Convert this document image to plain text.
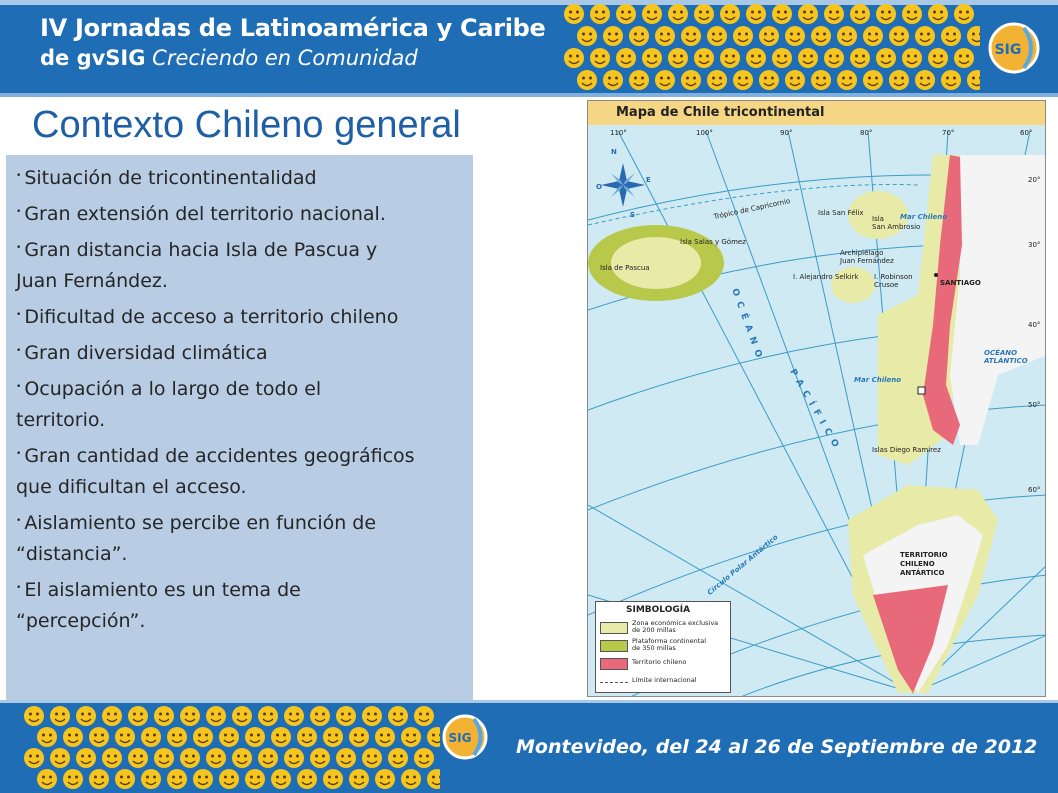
IV Jornadas de Latinoamérica y Caribe
de gvSIG Creciendo en Comunidad	SIG
Contexto Chileno general
• Situación de tricontinentalidad
• Gran extensión del territorio nacional.
• Gran distancia hacia Isla de Pascua y
Juan Fernández.
• Dificultad de acceso a territorio chileno
• Gran diversidad climática
• Ocupación a lo largo de todo el
territorio.
• Gran cantidad de accidentes geográficos
que dificultan el acceso.
• Aislamiento se percibe en función de
“distancia”.
• El aislamiento es un tema de
“percepción”.
Mapa de Chile tricontinental
110°	100°	90°	80°	70°	60°
20°
30°
40°
50°
60°
Trópico de Capricornio
Isla de Pascua
Isla Salas y Gómez
Isla San Félix
Isla
San Ambrosio
Mar Chileno
Archipiélago
Juan Fernández
I. Alejandro Selkirk I. Robinson
Crusoe	SANTIAGO
OCÉANO
PACÍFICO
OCÉANO
ATLÁNTICO
Mar Chileno
Islas Diego Ramírez
TERRITORIO
CHILENO
ANTÁRTICO
Círculo Polar Antártico
N
S
E
O
SIMBOLOGÍA
Zona económica exclusiva
de 200 millas
Plataforma continental
de 350 millas
Territorio chileno
Límite internacional
Montevideo, del 24 al 26 de Septiembre de 2012
SIG
